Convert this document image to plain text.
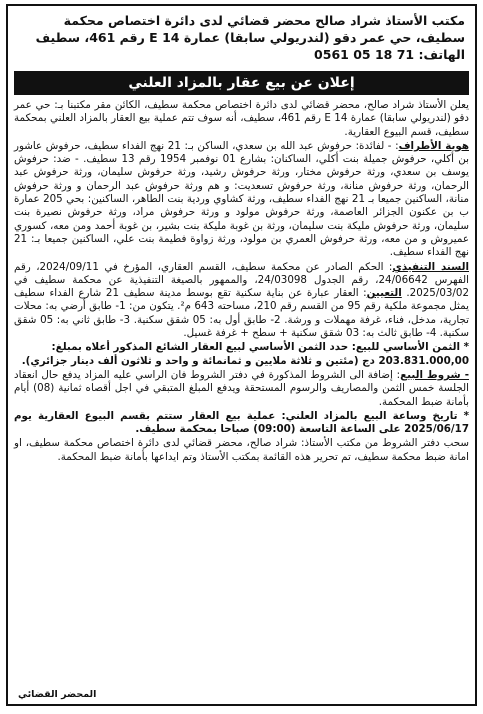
مكتب الأستاذ شراد صالح محضر قضائي لدى دائرة اختصاص محكمة
سطيف، حي عمر دقو (لندريولي سابقا) عمارة E 14 رقم 461، سطيف
الهاتف: 71 18 05 0561
إعلان عن بيع عقار بالمزاد العلني

يعلن الأستاذ شراد صالح، محضر قضائي لدى دائرة اختصاص محكمة سطيف، الكائن مقر مكتبنا بـ: حي عمر دقو (لندريولي سابقا) عمارة E 14 رقم 461، سطيف، أنه سوف تتم عملية بيع العقار بالمزاد العلني بمحكمة سطيف، قسم البيوع العقارية.

هوية الأطراف: - لفائدة: حرفوش عبد الله بن سعدي، الساكن بـ: 21 نهج الفداء سطيف، حرفوش عاشور بن أكلي، حرفوش جميلة بنت أكلي، الساكنان: بشارع 01 نوفمبر 1954 رقم 13 سطيف. - ضد: حرفوش يوسف بن سعدي، ورثة حرفوش مختار، ورثة حرفوش رشيد، ورثة حرفوش سليمان، ورثة حرفوش عبد الرحمان، ورثة حرفوش منانة، ورثة حرفوش تسعديت: و هم ورثة حرفوش عبد الرحمان و ورثة حرفوش منانة، الساكنين جميعا بـ 21 نهج الفداء سطيف، ورثة كشاوي وردية بنت الطاهر، الساكنين: بحي 205 عمارة ب بن عكنون الجزائر العاصمة، ورثة حرفوش مولود و ورثة حرفوش مراد، ورثة حرفوش نصيرة بنت سليمان، ورثة حرفوش مليكة بنت سليمان، ورثة بن غوبة مليكة بنت بشير، بن غوبة أحمد ومن معه، كسوري عميروش و من معه، ورثة حرفوش العمري بن مولود، ورثة زواوة فطيمة بنت علي، الساكنين جميعا بـ: 21 نهج الفداء سطيف.

السند التنفيذي: الحكم الصادر عن محكمة سطيف، القسم العقاري، المؤرخ في 2024/09/11، رقم الفهرس 24/06642، رقم الجدول 24/03098، والممهور بالصيغة التنفيذية عن محكمة سطيف في 2025/03/02. التعيين: العقار عبارة عن بناية سكنية تقع بوسط مدينة سطيف 21 شارع الفداء سطيف يمثل مجموعة ملكية رقم 95 من القسم رقم 210، مساحته 643 م². يتكون من: 1- طابق أرضي به: محلات تجارية، مدخل، فناء، غرفة مهملات و ورشة. 2- طابق أول به: 05 شقق سكنية. 3- طابق ثاني به: 05 شقق سكنية. 4- طابق ثالث به: 03 شقق سكنية + سطح + غرفة غسيل.

* الثمن الأساسي للبيع: حدد الثمن الأساسي لبيع العقار الشائع المذكور أعلاه بمبلغ:
203.831.000,00 دج (مئتين و ثلاثة ملايين و ثمانمائة و واحد و ثلاثون ألف دينار جزائري).

- شروط البيع: إضافة الى الشروط المذكورة في دفتر الشروط فان الراسي عليه المزاد يدفع حال انعقاد الجلسة خمس الثمن والمصاريف والرسوم المستحقة ويدفع المبلغ المتبقي في اجل أقصاه ثمانية (08) أيام بأمانة ضبط المحكمة.

* تاريخ وساعة البيع بالمزاد العلني: عملية بيع العقار ستتم بقسم البيوع العقارية يوم 2025/06/17 على الساعة التاسعة (09:00) صباحا بمحكمة سطيف.

سحب دفتر الشروط من مكتب الأستاذ: شراد صالح، محضر قضائي لدى دائرة اختصاص محكمة سطيف، او امانة ضبط محكمة سطيف، تم تحرير هذه القائمة بمكتب الأستاذ وتم ايداعها بأمانة ضبط المحكمة.

المحضر القضائي
